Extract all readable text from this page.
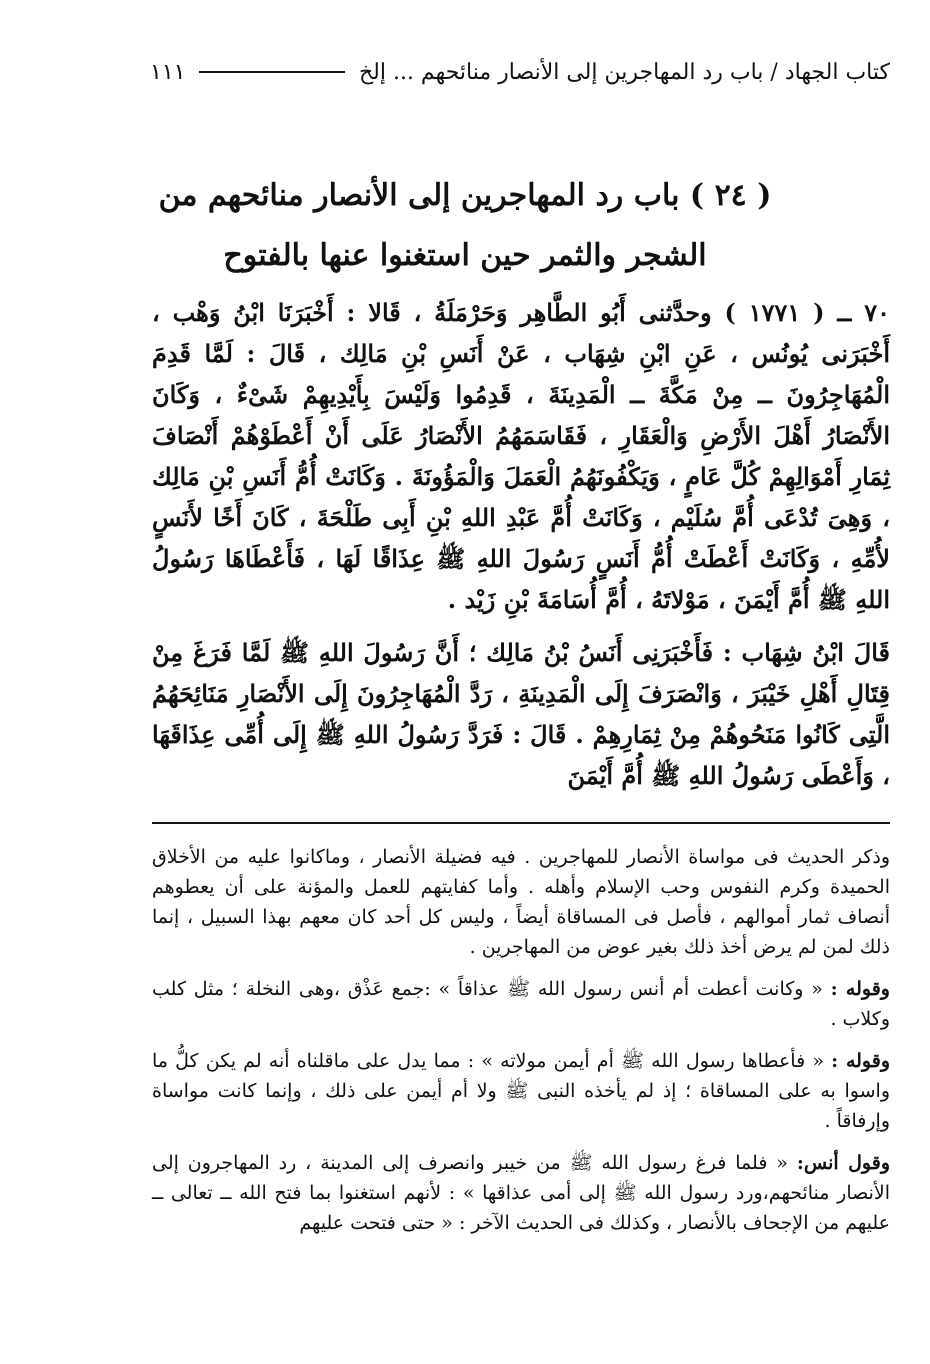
كتاب الجهاد / باب رد المهاجرين إلى الأنصار منائحهم ... إلخ
١١١
( ٢٤ ) باب رد المهاجرين إلى الأنصار منائحهم من
الشجر والثمر حين استغنوا عنها بالفتوح

٧٠ ــ ( ١٧٧١ ) وحدَّثنى أَبُو الطَّاهِر وَحَرْمَلَةُ ، قَالا : أَخْبَرَنَا ابْنُ وَهْب ، أَخْبَرَنى يُونُس ، عَنِ ابْنِ شِهَاب ، عَنْ أَنَسِ بْنِ مَالِك ، قَالَ : لَمَّا قَدِمَ الْمُهَاجِرُونَ ــ مِنْ مَكَّةَ ــ الْمَدِينَةَ ، قَدِمُوا وَلَيْسَ بِأَيْدِيهِمْ شَىْءٌ ، وَكَانَ الأَنْصَارُ أَهْلَ الأَرْضِ وَالْعَقَارِ ، فَقَاسَمَهُمُ الأَنْصَارُ عَلَى أَنْ أَعْطَوْهُمْ أَنْصَافَ ثِمَارِ أَمْوَالِهِمْ كُلَّ عَامٍ ، وَيَكْفُونَهُمُ الْعَمَلَ وَالْمَؤُونَةَ . وَكَانَتْ أُمُّ أَنَسِ بْنِ مَالِك ، وَهِىَ تُدْعَى أُمَّ سُلَيْم ، وَكَانَتْ أُمَّ عَبْدِ اللهِ بْنِ أَبِى طَلْحَةَ ، كَانَ أَخًا لأَنَسٍ لأُمِّهِ ، وَكَانَتْ أَعْطَتْ أُمُّ أَنَسٍ رَسُولَ اللهِ ﷺ عِذَاقًا لَهَا ، فَأَعْطَاهَا رَسُولُ اللهِ ﷺ أُمَّ أَيْمَنَ ، مَوْلاتَهُ ، أُمَّ أُسَامَةَ بْنِ زَيْد .

قَالَ ابْنُ شِهَاب : فَأَخْبَرَنِى أَنَسُ بْنُ مَالِك ؛ أَنَّ رَسُولَ اللهِ ﷺ لَمَّا فَرَغَ مِنْ قِتَالِ أَهْلِ خَيْبَرَ ، وَانْصَرَفَ إِلَى الْمَدِينَةِ ، رَدَّ الْمُهَاجِرُونَ إِلَى الأَنْصَارِ مَنَائِحَهُمُ الَّتِى كَانُوا مَنَحُوهُمْ مِنْ ثِمَارِهِمْ . قَالَ : فَرَدَّ رَسُولُ اللهِ ﷺ إِلَى أُمِّى عِذَاقَهَا ، وَأَعْطَى رَسُولُ اللهِ ﷺ أُمَّ أَيْمَنَ

وذكر الحديث فى مواساة الأنصار للمهاجرين . فيه فضيلة الأنصار ، وماكانوا عليه من الأخلاق الحميدة وكرم النفوس وحب الإسلام وأهله . وأما كفايتهم للعمل والمؤنة على أن يعطوهم أنصاف ثمار أموالهم ، فأصل فى المساقاة أيضاً ، وليس كل أحد كان معهم بهذا السبيل ، إنما ذلك لمن لم يرض أخذ ذلك بغير عوض من المهاجرين .

وقوله : « وكانت أعطت أم أنس رسول الله ﷺ عذاقاً » :جمع عَذْق ،وهى النخلة ؛ مثل كلب وكلاب .

وقوله : « فأعطاها رسول الله ﷺ أم أيمن مولاته » : مما يدل على ماقلناه أنه لم يكن كلُّ ما واسوا به على المساقاة ؛ إذ لم يأخذه النبى ﷺ ولا أم أيمن على ذلك ، وإنما كانت مواساة وإرفاقاً .

وقول أنس: « فلما فرغ رسول الله ﷺ من خيبر وانصرف إلى المدينة ، رد المهاجرون إلى الأنصار منائحهم،ورد رسول الله ﷺ إلى أمى عذاقها » : لأنهم استغنوا بما فتح الله ــ تعالى ــ عليهم من الإجحاف بالأنصار ، وكذلك فى الحديث الآخر : « حتى فتحت عليهم
